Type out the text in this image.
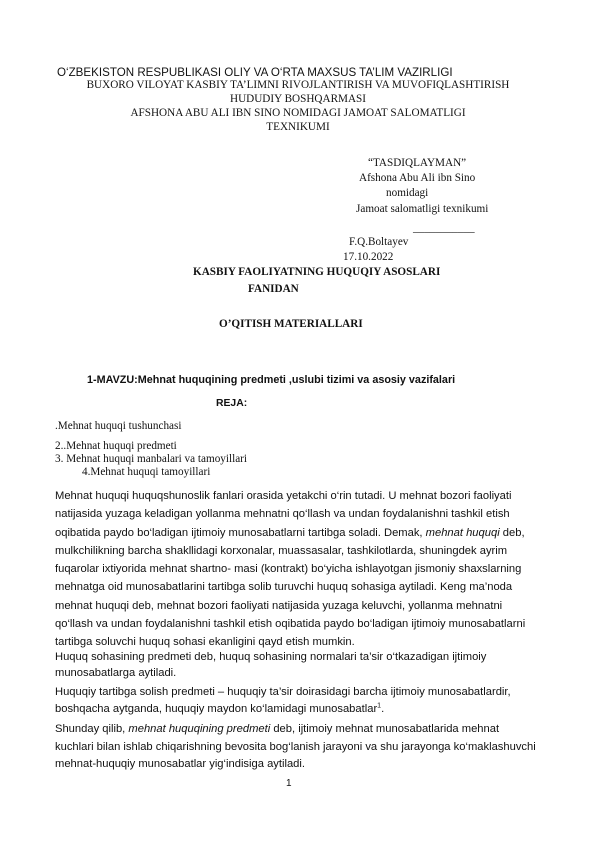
O‘ZBEKISTON RESPUBLIKASI OLIY VA O‘RTA MAXSUS TA’LIM VAZIRLIGI
BUXORO VILOYAT KASBIY TA’LIMNI RIVOJLANTIRISH VA MUVOFIQLASHTIRISH
HUDUDIY BOSHQARMASI
AFSHONA ABU ALI IBN SINO NOMIDAGI JAMOAT SALOMATLIGI
TEXNIKUMI
“TASDIQLAYMAN”
Afshona Abu Ali ibn Sino
nomidagi
Jamoat salomatligi texnikumi
___________
F.Q.Boltayev
17.10.2022
KASBIY FAOLIYATNING HUQUQIY ASOSLARI
FANIDAN
O’QITISH MATERIALLARI
1-MAVZU:Mehnat huquqining predmeti ,uslubi tizimi va asosiy vazifalari
REJA:
.Mehnat huquqi tushunchasi
2..Mehnat huquqi predmeti
3. Mehnat huquqi manbalari va tamoyillari
4.Mehnat huquqi tamoyillari
Mehnat huquqi huquqshunoslik fanlari orasida yetakchi o‘rin tutadi. U mehnat bozori faoliyati
natijasida yuzaga keladigan yollanma mehnatni qo‘llash va undan foydalanishni tashkil etish
oqibatida paydo bo‘ladigan ijtimoiy munosabatlarni tartibga soladi. Demak, mehnat huquqi deb,
mulkchilikning barcha shakllidagi korxonalar, muassasalar, tashkilotlarda, shuningdek ayrim
fuqarolar ixtiyorida mehnat shartno- masi (kontrakt) bo‘yicha ishlayotgan jismoniy shaxslarning
mehnatga oid munosabatlarini tartibga solib turuvchi huquq sohasiga aytiladi. Keng ma’noda
mehnat huquqi deb, mehnat bozori faoliyati natijasida yuzaga keluvchi, yollanma mehnatni
qo‘llash va undan foydalanishni tashkil etish oqibatida paydo bo‘ladigan ijtimoiy munosabatlarni
tartibga soluvchi huquq sohasi ekanligini qayd etish mumkin.
Huquq sohasining predmeti deb, huquq sohasining normalari ta’sir o‘tkazadigan ijtimoiy
munosabatlarga aytiladi.
Huquqiy tartibga solish predmeti – huquqiy ta’sir doirasidagi barcha ijtimoiy munosabatlardir,
boshqacha aytganda, huquqiy maydon ko‘lamidagi munosabatlar$^1$.
Shunday qilib, mehnat huquqining predmeti deb, ijtimoiy mehnat munosabatlarida mehnat
kuchlari bilan ishlab chiqarishning bevosita bog‘lanish jarayoni va shu jarayonga ko‘maklashuvchi
mehnat-huquqiy munosabatlar yig‘indisiga aytiladi.
1
